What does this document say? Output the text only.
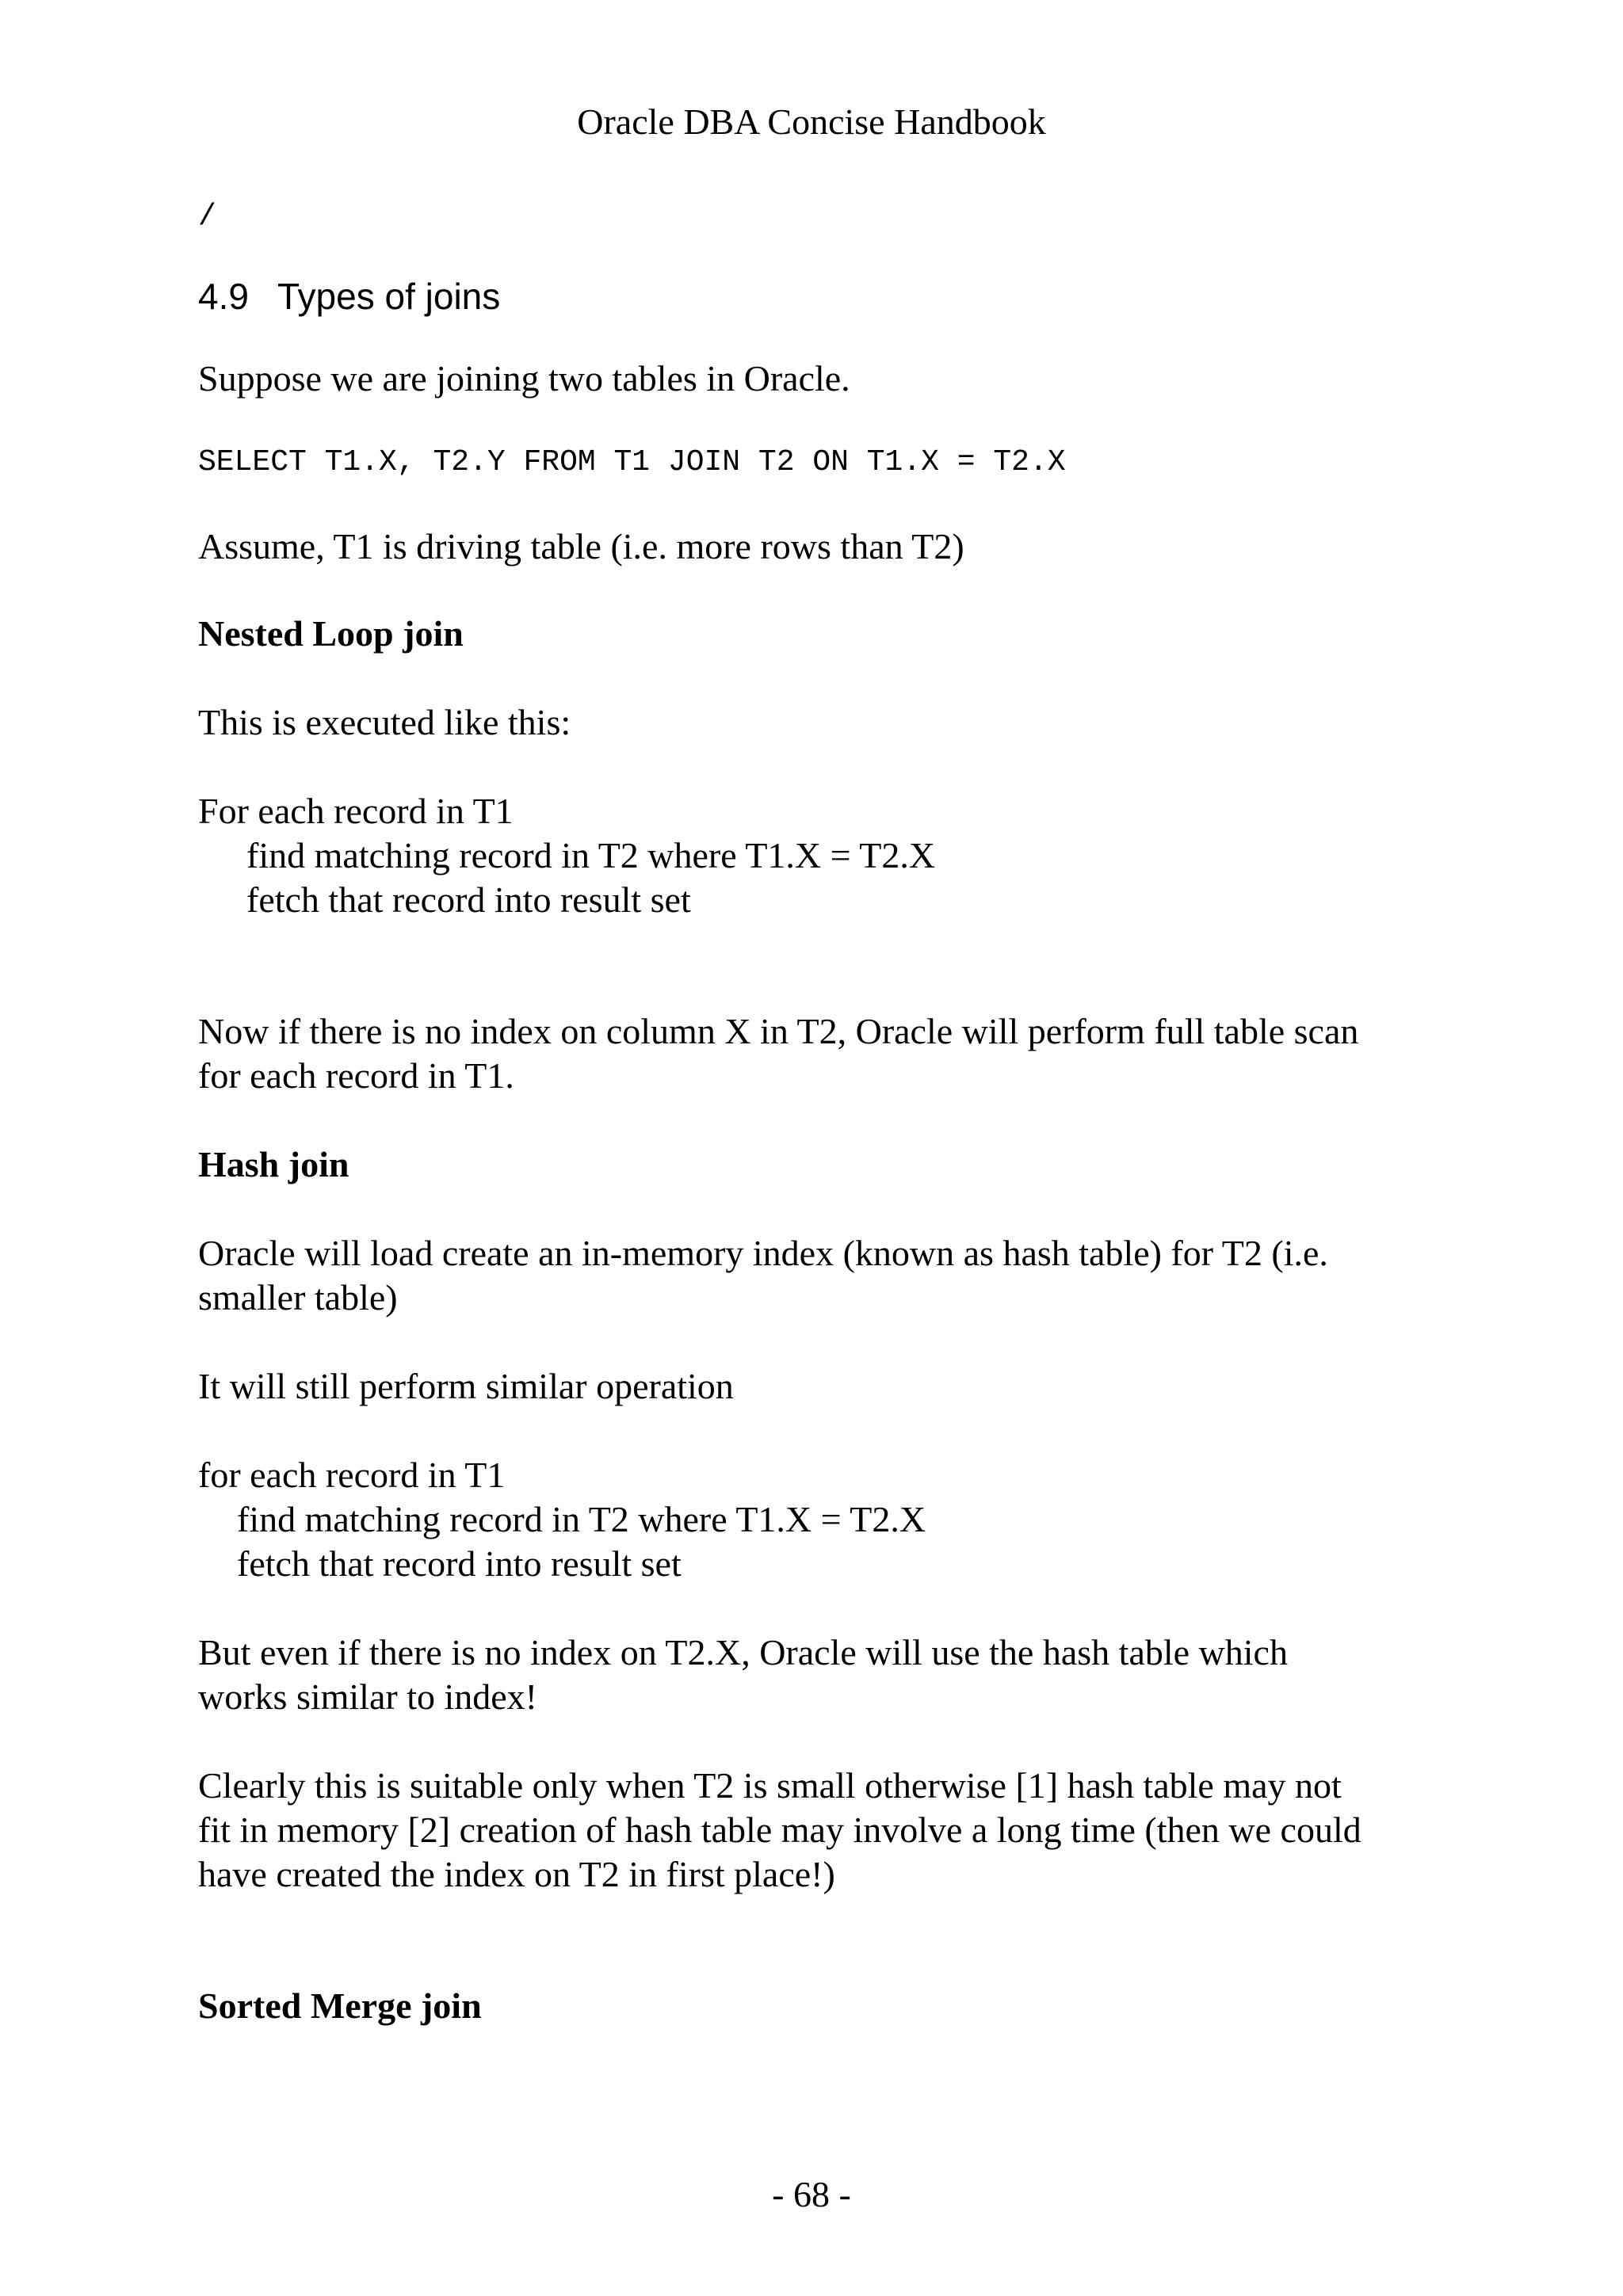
Oracle DBA Concise Handbook
/
4.9 Types of joins
Suppose we are joining two tables in Oracle.
SELECT T1.X, T2.Y FROM T1 JOIN T2 ON T1.X = T2.X
Assume, T1 is driving table (i.e. more rows than T2)
Nested Loop join
This is executed like this:
For each record in T1
find matching record in T2 where T1.X = T2.X
fetch that record into result set
Now if there is no index on column X in T2, Oracle will perform full table scan
for each record in T1.
Hash join
Oracle will load create an in-memory index (known as hash table) for T2 (i.e.
smaller table)
It will still perform similar operation
for each record in T1
find matching record in T2 where T1.X = T2.X
fetch that record into result set
But even if there is no index on T2.X, Oracle will use the hash table which
works similar to index!
Clearly this is suitable only when T2 is small otherwise [1] hash table may not
fit in memory [2] creation of hash table may involve a long time (then we could
have created the index on T2 in first place!)
Sorted Merge join
- 68 -
